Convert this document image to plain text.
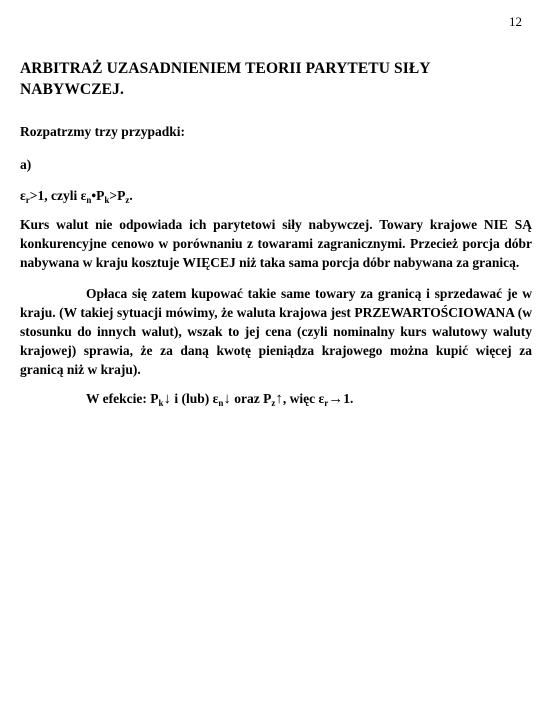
12
ARBITRAŻ UZASADNIENIEM TEORII PARYTETU SIŁY NABYWCZEJ.
Rozpatrzmy trzy przypadki:
a)
$\varepsilon_r>1$, czyli $\varepsilon_n•P_k>P_z$.
Kurs walut nie odpowiada ich parytetowi siły nabywczej. Towary krajowe NIE SĄ konkurencyjne cenowo w porównaniu z towarami zagranicznymi. Przecież porcja dóbr nabywana w kraju kosztuje WIĘCEJ niż taka sama porcja dóbr nabywana za granicą.
Opłaca się zatem kupować takie same towary za granicą i sprzedawać je w kraju. (W takiej sytuacji mówimy, że waluta krajowa jest PRZEWARTOŚCIOWANA (w stosunku do innych walut), wszak to jej cena (czyli nominalny kurs walutowy waluty krajowej) sprawia, że za daną kwotę pieniądza krajowego można kupić więcej za granicą niż w kraju).
W efekcie: $P_k↓$ i (lub) $\varepsilon_n↓$ oraz $P_z↑$, więc $\varepsilon_r\to 1$.
